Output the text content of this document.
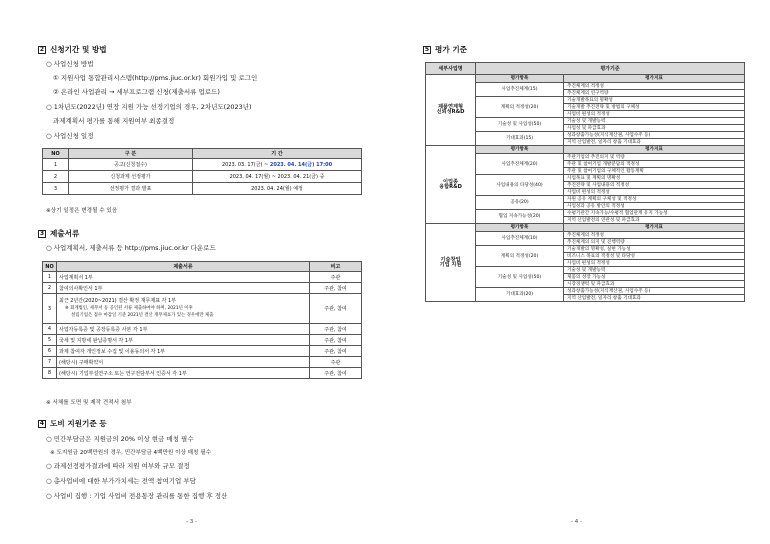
2 신청기간 및 방법
○ 사업신청 방법
① 지원사업 통합관리시스템(http://pms.jiuc.or.kr) 회원가입 및 로그인
② 온라인 사업관리 → 세부프로그램 신청(제출서류 업로드)
○ 1차년도(2022년) 연장 지원 가능 선정기업의 경우, 2차년도(2023년)
과제계획서 평가를 통해 지원여부 최종결정
○ 사업신청 일정
NO	구 분	기 간
1	공고(신청접수)	2023. 03. 17(금) ~ 2023. 04. 14(금) 17:00
2	신청과제 선정평가	2023. 04. 17(월) ~ 2023. 04. 21(금) 중
3	선정평가 결과 발표	2023. 04. 24(월) 예정
※상기 일정은 변경될 수 있음
3 제출서류
○ 사업계획서, 제출서류 등 http://pms.jiuc.or.kr 다운로드
NO	제출서류	비고
1	사업계획서 1부	주관
2	참여의사확인서 1부	주관, 참여
3	최근 2년간(2020~2021) 결산 확정 재무제표 각 1부
※ 회계법인, 세무서 등 공인된 서류 제출하여야 하며, 2021년 이후
설립기업은 접수 마감일 기준 2021년 결산 재무제표가 있는 경우에만 제출	주관, 참여
4	사업자등록증 및 공장등록증 사본 각 1부	주관, 참여
5	국세 및 지방세 완납증명서 각 1부	주관, 참여
6	과제 참여자 개인정보 수집 및 이용동의서 각 1부	주관, 참여
7	(해당시) 구매확약서	주관
8	(해당시) 기업부설연구소 또는 연구전담부서 인증서 각 1부	주관, 참여
※ 서체를 도면 및 제작 견적서 첨부
4 도비 지원기준 등
○ 민간부담금은 지원금의 20% 이상 현금 매칭 필수
※ 도지원금 20백만원의 경우, 민간부담금 4백만원 이상 매칭 필수
○ 과제선정평가결과에 따라 지원 여부와 규모 결정
○ 총사업비에 대한 부가가치세는 전액 참여기업 부담
○ 사업비 집행 : 기업 사업비 전용통장 관리를 통한 집행 후 정산
- 3 -
5 평가 기준
세부사업명	평가기준	

제품연계형
신뢰성R&D	평가항목	평가지표
	사업추진체계(15)	추진체계의 적정성
		추진체계의 연구역량
	계획의 적정성(20)	기술개발목표의 명확성
		기술개발 추진전략 및 방법의 구체성
		사업비 편성의 적정성
	기술성 및 사업성(50)	기술성 및 개발능력
		사업성 및 파급효과
	기대효과(15)	성과창출가능성(지식재산권, 사업수주 등)
		지역 산업발전, 일자리 창출 기대효과

이업종
융합R&D	평가항목	평가지표
	사업추진체계(20)	주관기업의 추진의지 및 역량
		주관 및 참여기업 개발분담의 적정성
		주관 및 참여기업의 구체적인 활동계획
	사업내용의 타당성(40)	사업목표 및 계획의 명확성
		추진전략 및 사업내용의 적정성
		사업비 편성의 적정성
	공유(20)	자원 공유 계획의 구체성 및 적정성
		사업성과 공유 방안의 적정성
	협업 지속가능성(20)	수평기관간 지속가능/수평적 협업관계 유지 가능성
		지역 산업발전의 연관성 및 파급효과

기술창업
기업 지원	평가항목	평가지표
	사업추진체계(10)	추진체계의 적정성
		추진체계의 의지 및 진행역량
	계획의 적정성(20)	기술개발의 명확성, 실현 가능성
		비즈니스 목표의 적정성 및 타당성
		사업비 편성의 적정성
	기술성 및 사업성(50)	기술성 및 개발능력
		제품의 성장 가능성
		시장경쟁력 및 파급효과
	기대효과(20)	성과창출가능성(지식재산권, 사업수주 등)
		지역 산업발전, 일자리 창출 기대효과
- 4 -
